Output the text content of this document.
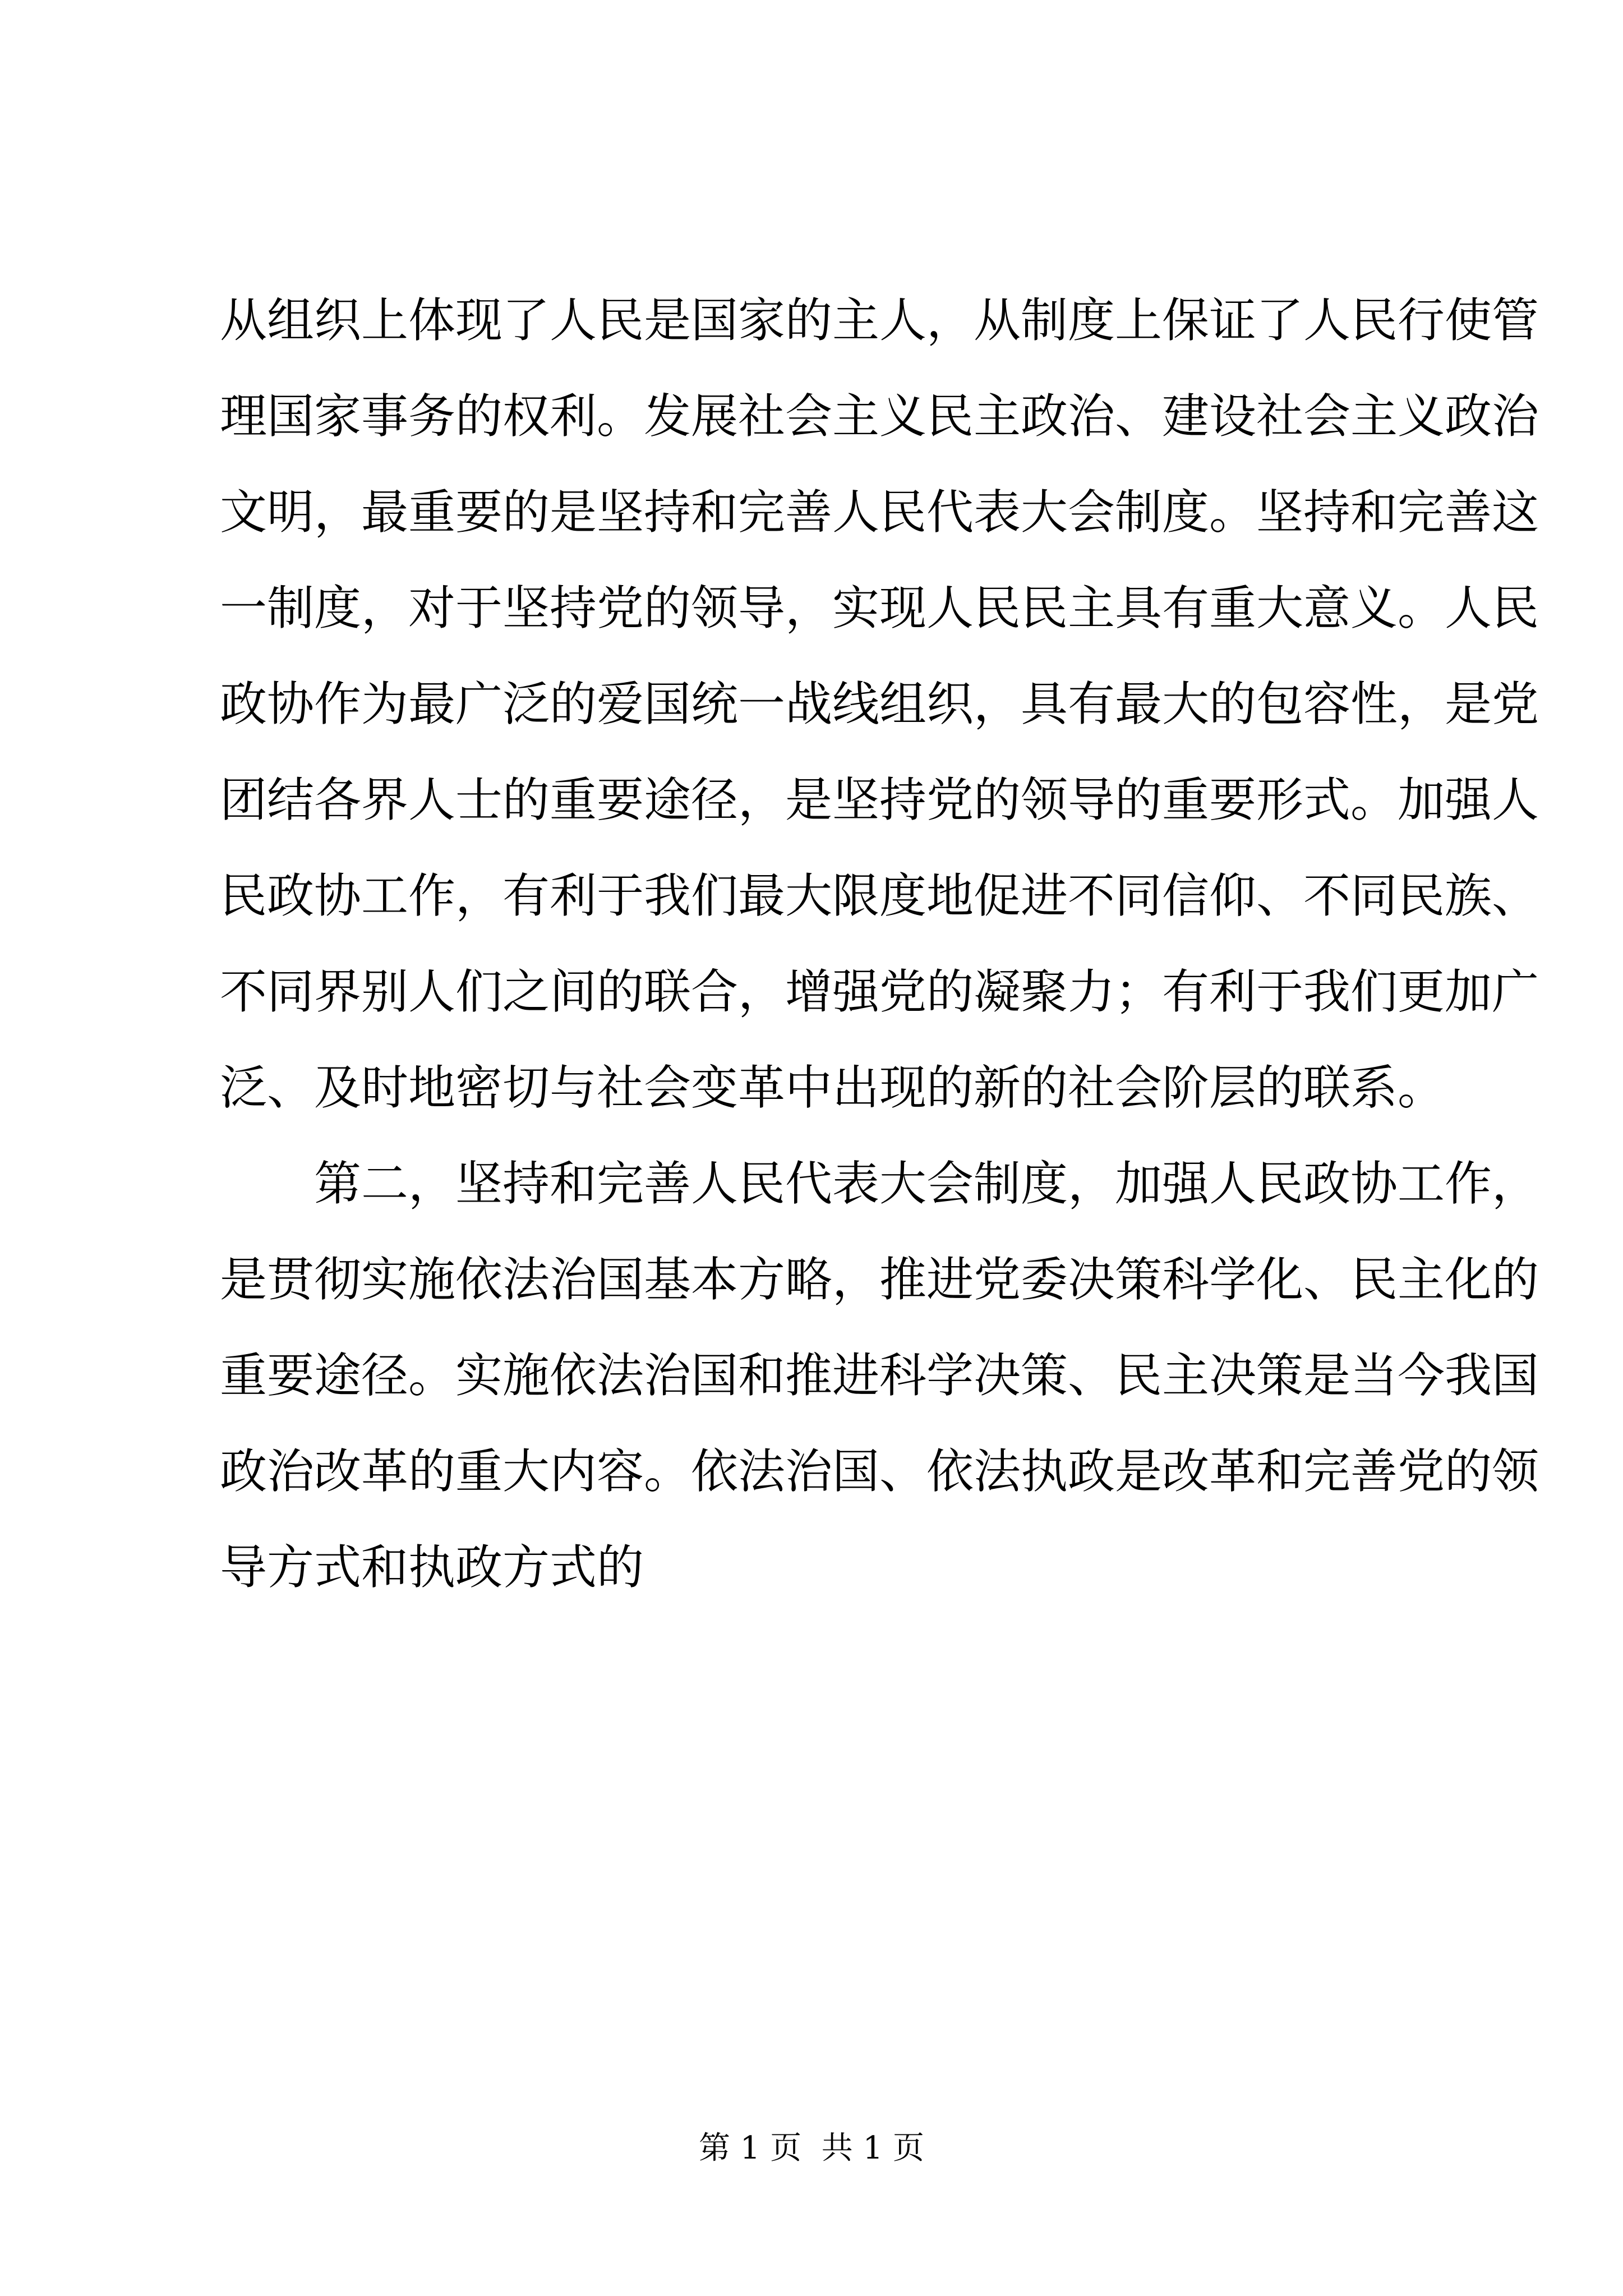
从组织上体现了人民是国家的主人，从制度上保证了人民行使管
理国家事务的权利。发展社会主义民主政治、建设社会主义政治
文明，最重要的是坚持和完善人民代表大会制度。坚持和完善这
一制度，对于坚持党的领导，实现人民民主具有重大意义。人民
政协作为最广泛的爱国统一战线组织，具有最大的包容性，是党
团结各界人士的重要途径，是坚持党的领导的重要形式。加强人
民政协工作，有利于我们最大限度地促进不同信仰、不同民族、
不同界别人们之间的联合，增强党的凝聚力；有利于我们更加广
泛、及时地密切与社会变革中出现的新的社会阶层的联系。
第二，坚持和完善人民代表大会制度，加强人民政协工作，
是贯彻实施依法治国基本方略，推进党委决策科学化、民主化的
重要途径。实施依法治国和推进科学决策、民主决策是当今我国
政治改革的重大内容。依法治国、依法执政是改革和完善党的领
导方式和执政方式的
第 1 页  共 1 页
